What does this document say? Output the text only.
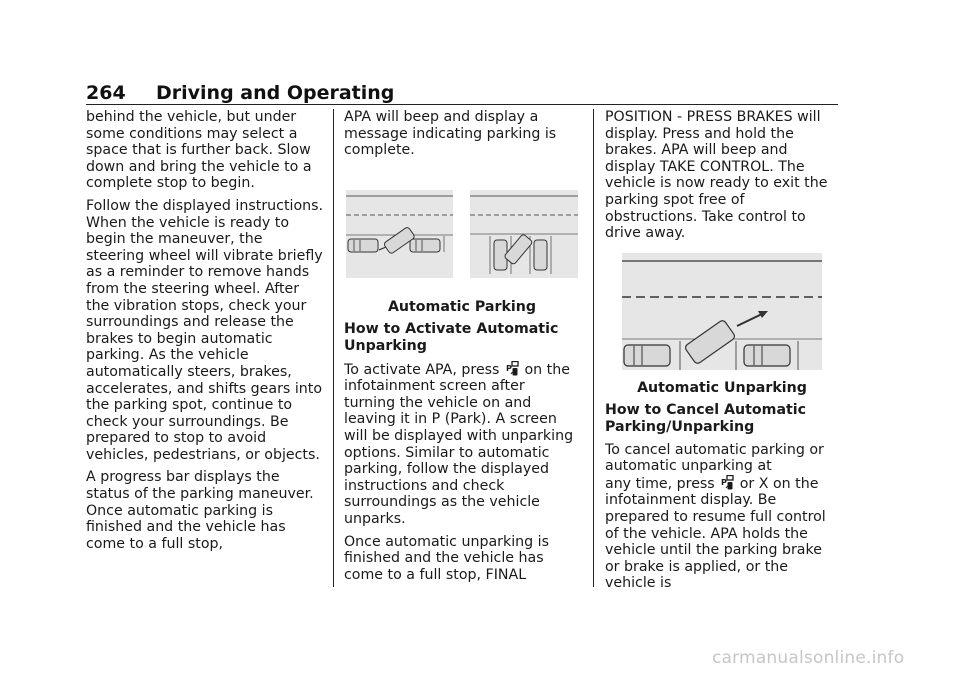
264	Driving and Operating

behind the vehicle, but under some conditions may select a space that is further back. Slow down and bring the vehicle to a complete stop to begin.

Follow the displayed instructions. When the vehicle is ready to begin the maneuver, the steering wheel will vibrate briefly as a reminder to remove hands from the steering wheel. After the vibration stops, check your surroundings and release the brakes to begin automatic parking. As the vehicle automatically steers, brakes, accelerates, and shifts gears into the parking spot, continue to check your surroundings. Be prepared to stop to avoid vehicles, pedestrians, or objects.

A progress bar displays the status of the parking maneuver. Once automatic parking is finished and the vehicle has come to a full stop,

APA will beep and display a message indicating parking is complete.

Automatic Parking

How to Activate Automatic Unparking

To activate APA, press P on the infotainment screen after turning the vehicle on and leaving it in P (Park). A screen will be displayed with unparking options. Similar to automatic parking, follow the displayed instructions and check surroundings as the vehicle unparks.

Once automatic unparking is finished and the vehicle has come to a full stop, FINAL

POSITION - PRESS BRAKES will display. Press and hold the brakes. APA will beep and display TAKE CONTROL. The vehicle is now ready to exit the parking spot free of obstructions. Take control to drive away.

Automatic Unparking

How to Cancel Automatic Parking/Unparking

To cancel automatic parking or automatic unparking at
any time, press P or X on the infotainment display. Be prepared to resume full control of the vehicle. APA holds the vehicle until the parking brake or brake is applied, or the vehicle is

carmanualsonline.info
